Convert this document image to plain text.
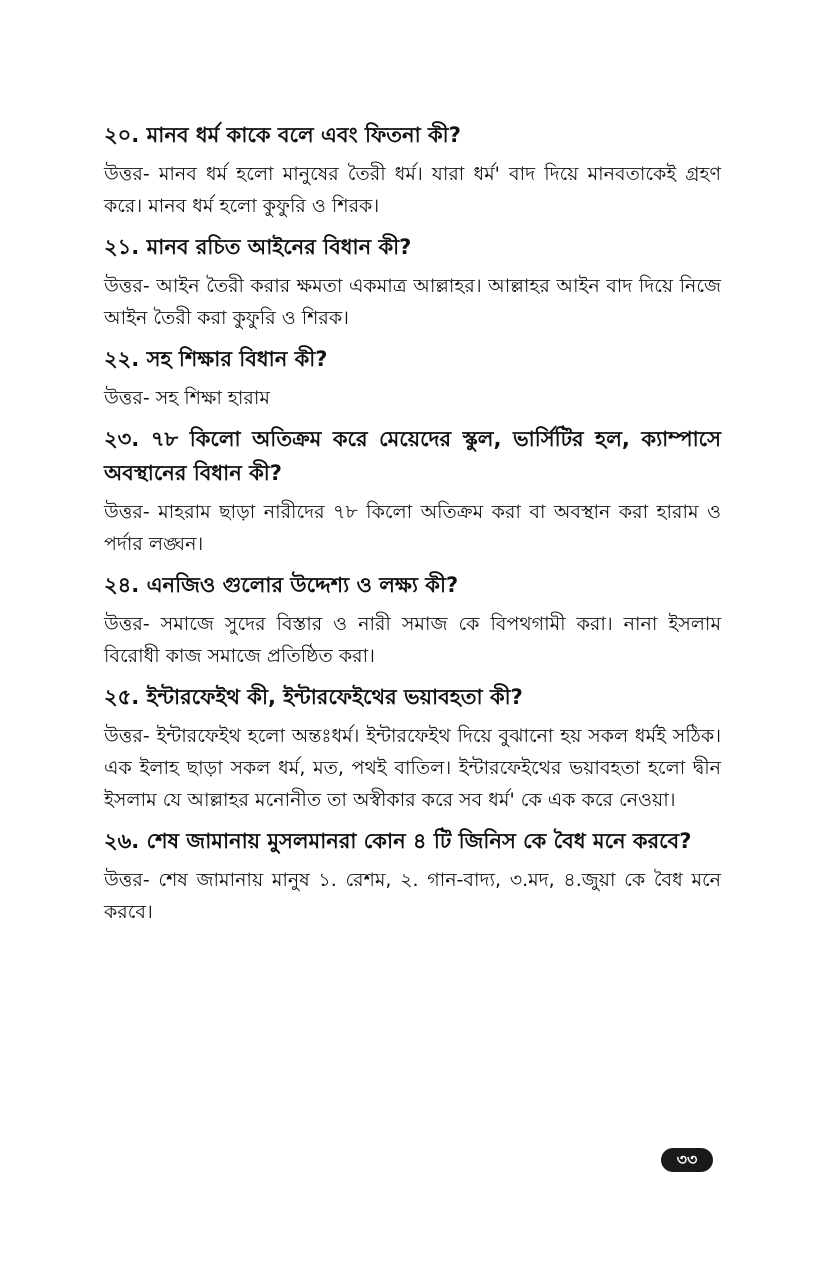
২০. মানব ধর্ম কাকে বলে এবং ফিতনা কী?

উত্তর- মানব ধর্ম হলো মানুষের তৈরী ধর্ম। যারা ধর্ম' বাদ দিয়ে মানবতাকেই গ্রহণ করে। মানব ধর্ম হলো কুফুরি ও শিরক।

২১. মানব রচিত আইনের বিধান কী?

উত্তর- আইন তৈরী করার ক্ষমতা একমাত্র আল্লাহর। আল্লাহর আইন বাদ দিয়ে নিজে আইন তৈরী করা কুফুরি ও শিরক।

২২. সহ শিক্ষার বিধান কী?

উত্তর- সহ শিক্ষা হারাম

২৩. ৭৮ কিলো অতিক্রম করে মেয়েদের স্কুল, ভার্সিটির হল, ক্যাম্পাসে অবস্থানের বিধান কী?

উত্তর- মাহরাম ছাড়া নারীদের ৭৮ কিলো অতিক্রম করা বা অবস্থান করা হারাম ও পর্দার লঙ্ঘন।

২৪. এনজিও গুলোর উদ্দেশ্য ও লক্ষ্য কী?

উত্তর- সমাজে সুদের বিস্তার ও নারী সমাজ কে বিপথগামী করা। নানা ইসলাম বিরোধী কাজ সমাজে প্রতিষ্ঠিত করা।

২৫. ইন্টারফেইথ কী, ইন্টারফেইথের ভয়াবহতা কী?

উত্তর- ইন্টারফেইথ হলো অন্তঃধর্ম। ইন্টারফেইথ দিয়ে বুঝানো হয় সকল ধর্মই সঠিক। এক ইলাহ ছাড়া সকল ধর্ম, মত, পথই বাতিল। ইন্টারফেইথের ভয়াবহতা হলো দ্বীন ইসলাম যে আল্লাহর মনোনীত তা অস্বীকার করে সব ধর্ম' কে এক করে নেওয়া।

২৬. শেষ জামানায় মুসলমানরা কোন ৪ টি জিনিস কে বৈধ মনে করবে?

উত্তর- শেষ জামানায় মানুষ ১. রেশম, ২. গান-বাদ্য, ৩.মদ, ৪.জুয়া কে বৈধ মনে করবে।

৩৩
